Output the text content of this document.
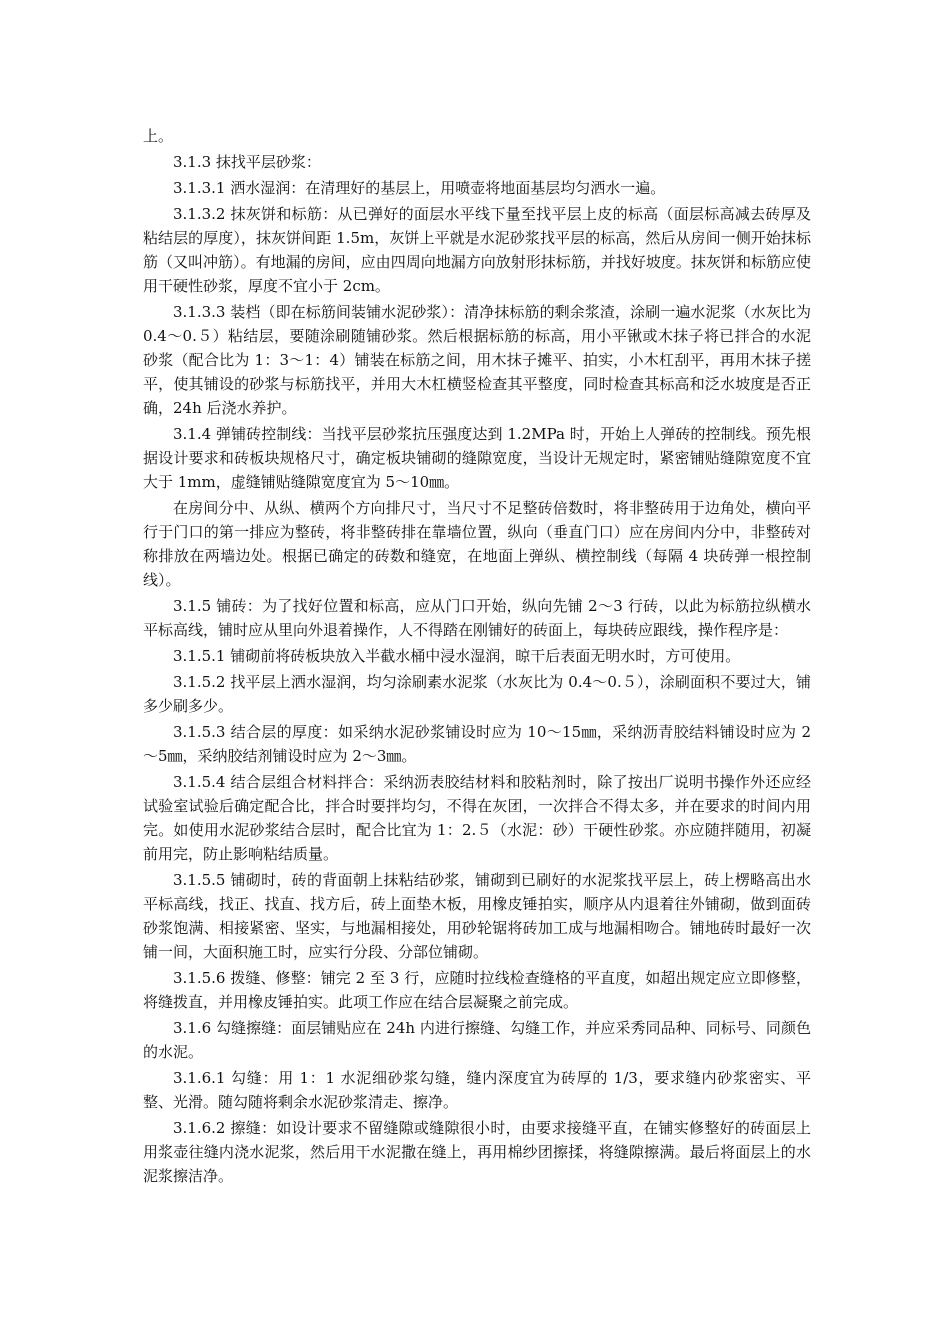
上。

3.1.3 抹找平层砂浆：

3.1.3.1 洒水湿润：在清理好的基层上，用喷壶将地面基层均匀洒水一遍。

3.1.3.2 抹灰饼和标筋：从已弹好的面层水平线下量至找平层上皮的标高（面层标高减去砖厚及粘结层的厚度），抹灰饼间距 1.5m，灰饼上平就是水泥砂浆找平层的标高，然后从房间一侧开始抹标筋（又叫冲筋）。有地漏的房间，应由四周向地漏方向放射形抹标筋，并找好坡度。抹灰饼和标筋应使用干硬性砂浆，厚度不宜小于 2cm。

3.1.3.3 装档（即在标筋间装铺水泥砂浆）：清净抹标筋的剩余浆渣，涂刷一遍水泥浆（水灰比为 0.4～0.５）粘结层，要随涂刷随铺砂浆。然后根据标筋的标高，用小平锹或木抹子将已拌合的水泥砂浆（配合比为 1：3～1：4）铺装在标筋之间，用木抹子摊平、拍实，小木杠刮平，再用木抹子搓平，使其铺设的砂浆与标筋找平，并用大木杠横竖检查其平整度，同时检查其标高和泛水坡度是否正确，24h 后浇水养护。

3.1.4 弹铺砖控制线：当找平层砂浆抗压强度达到 1.2MPa 时，开始上人弹砖的控制线。预先根据设计要求和砖板块规格尺寸，确定板块铺砌的缝隙宽度，当设计无规定时，紧密铺贴缝隙宽度不宜大于 1mm，虚缝铺贴缝隙宽度宜为 5～10㎜。

在房间分中、从纵、横两个方向排尺寸，当尺寸不足整砖倍数时，将非整砖用于边角处，横向平行于门口的第一排应为整砖，将非整砖排在靠墙位置，纵向（垂直门口）应在房间内分中，非整砖对称排放在两墙边处。根据已确定的砖数和缝宽，在地面上弹纵、横控制线（每隔 4 块砖弹一根控制线）。

3.1.5 铺砖：为了找好位置和标高，应从门口开始，纵向先铺 2～3 行砖，以此为标筋拉纵横水平标高线，铺时应从里向外退着操作，人不得踏在刚铺好的砖面上，每块砖应跟线，操作程序是：

3.1.5.1 铺砌前将砖板块放入半截水桶中浸水湿润，晾干后表面无明水时，方可使用。

3.1.5.2 找平层上洒水湿润，均匀涂刷素水泥浆（水灰比为 0.4～0.５），涂刷面积不要过大，铺多少刷多少。

3.1.5.3 结合层的厚度：如采纳水泥砂浆铺设时应为 10～15㎜，采纳沥青胶结料铺设时应为 2～5㎜，采纳胶结剂铺设时应为 2～3㎜。

3.1.5.4 结合层组合材料拌合：采纳沥表胶结材料和胶粘剂时，除了按出厂说明书操作外还应经试验室试验后确定配合比，拌合时要拌均匀，不得在灰团，一次拌合不得太多，并在要求的时间内用完。如使用水泥砂浆结合层时，配合比宜为 1：2.５（水泥：砂）干硬性砂浆。亦应随拌随用，初凝前用完，防止影响粘结质量。

3.1.5.5 铺砌时，砖的背面朝上抹粘结砂浆，铺砌到已刷好的水泥浆找平层上，砖上楞略高出水平标高线，找正、找直、找方后，砖上面垫木板，用橡皮锤拍实，顺序从内退着往外铺砌，做到面砖砂浆饱满、相接紧密、坚实，与地漏相接处，用砂轮锯将砖加工成与地漏相吻合。铺地砖时最好一次铺一间，大面积施工时，应实行分段、分部位铺砌。

3.1.5.6 拨缝、修整：铺完 2 至 3 行，应随时拉线检查缝格的平直度，如超出规定应立即修整，将缝拨直，并用橡皮锤拍实。此项工作应在结合层凝聚之前完成。

3.1.6 勾缝擦缝：面层铺贴应在 24h 内进行擦缝、勾缝工作，并应采秀同品种、同标号、同颜色的水泥。

3.1.6.1 勾缝：用 1：1 水泥细砂浆勾缝，缝内深度宜为砖厚的 1/3，要求缝内砂浆密实、平整、光滑。随勾随将剩余水泥砂浆清走、擦净。

3.1.6.2 擦缝：如设计要求不留缝隙或缝隙很小时，由要求接缝平直，在铺实修整好的砖面层上用浆壶往缝内浇水泥浆，然后用干水泥撒在缝上，再用棉纱团擦揉，将缝隙擦满。最后将面层上的水泥浆擦洁净。
